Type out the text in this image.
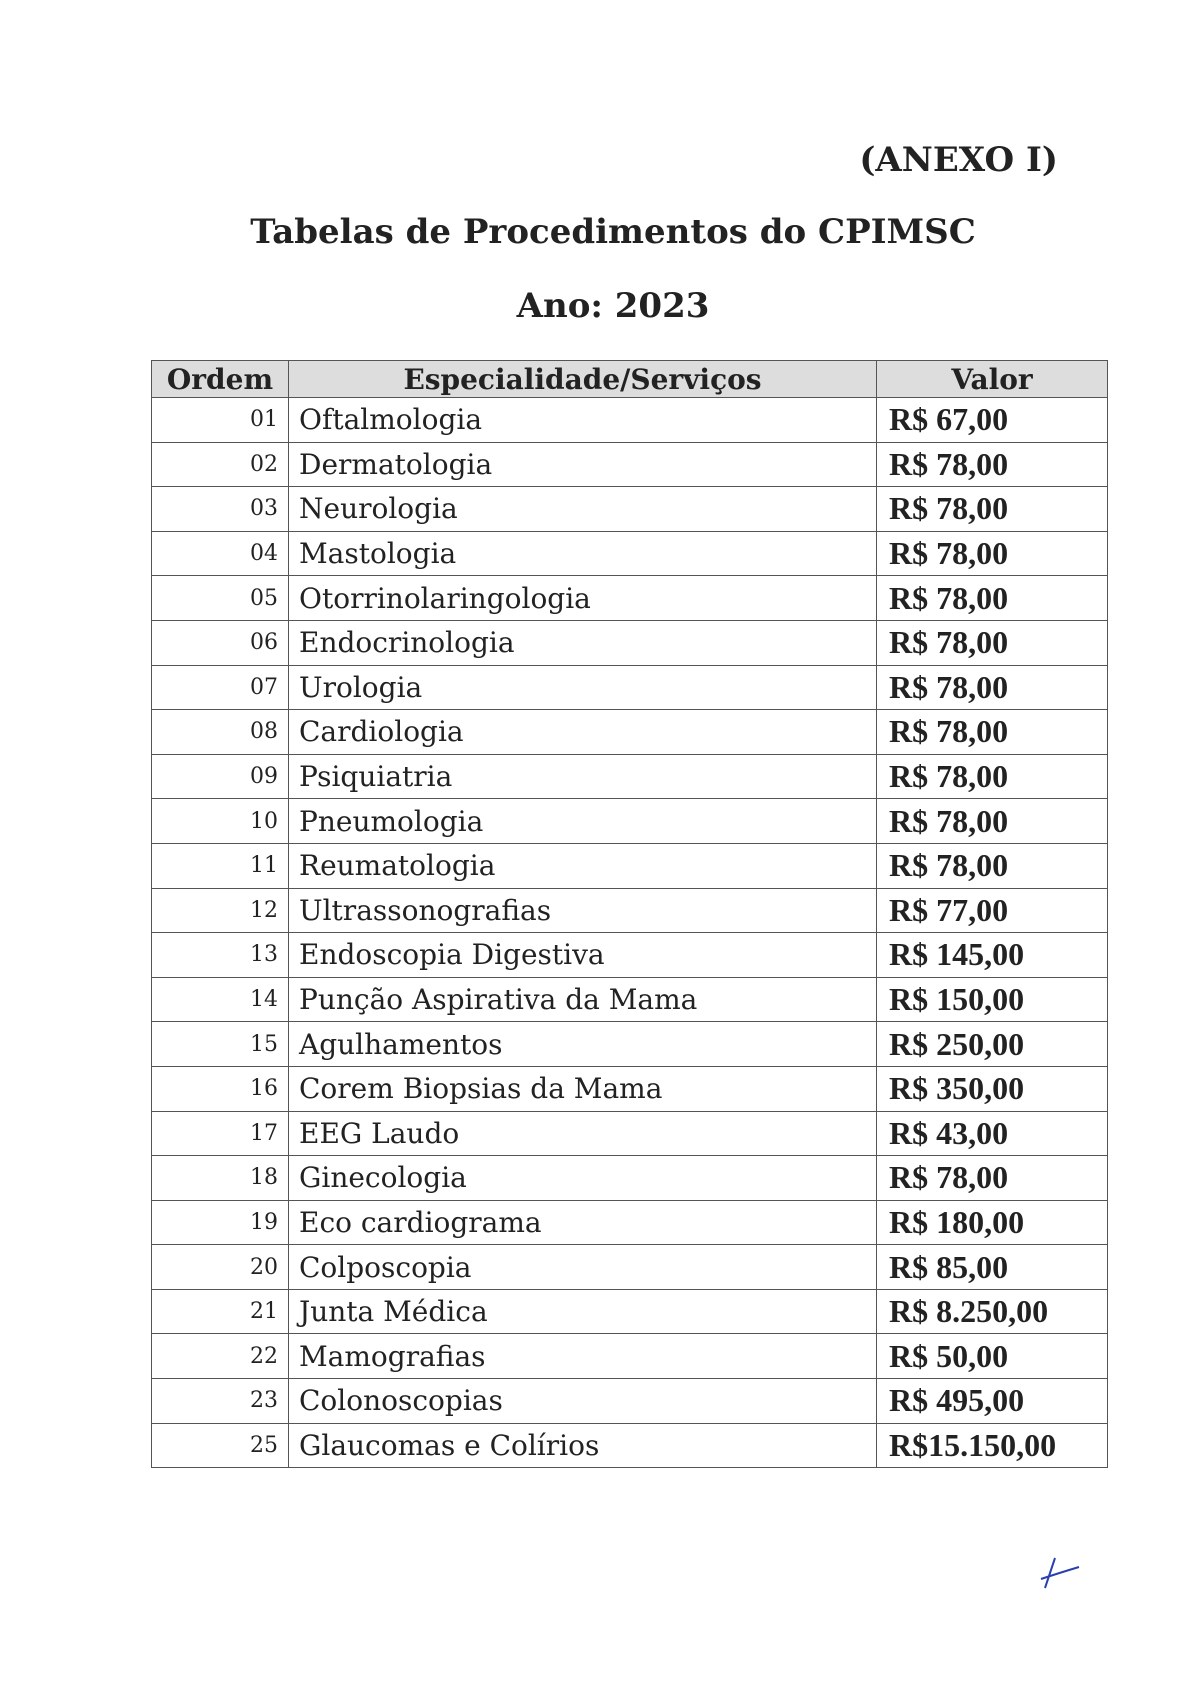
(ANEXO I)
Tabelas de Procedimentos do CPIMSC
Ano: 2023
Ordem	Especialidade/Serviços	Valor
01	Oftalmologia	R$ 67,00
02	Dermatologia	R$ 78,00
03	Neurologia	R$ 78,00
04	Mastologia	R$ 78,00
05	Otorrinolaringologia	R$ 78,00
06	Endocrinologia	R$ 78,00
07	Urologia	R$ 78,00
08	Cardiologia	R$ 78,00
09	Psiquiatria	R$ 78,00
10	Pneumologia	R$ 78,00
11	Reumatologia	R$ 78,00
12	Ultrassonografias	R$ 77,00
13	Endoscopia Digestiva	R$ 145,00
14	Punção Aspirativa da Mama	R$ 150,00
15	Agulhamentos	R$ 250,00
16	Corem Biopsias da Mama	R$ 350,00
17	EEG Laudo	R$ 43,00
18	Ginecologia	R$ 78,00
19	Eco cardiograma	R$ 180,00
20	Colposcopia	R$ 85,00
21	Junta Médica	R$ 8.250,00
22	Mamografias	R$ 50,00
23	Colonoscopias	R$ 495,00
25	Glaucomas e Colírios	R$15.150,00
